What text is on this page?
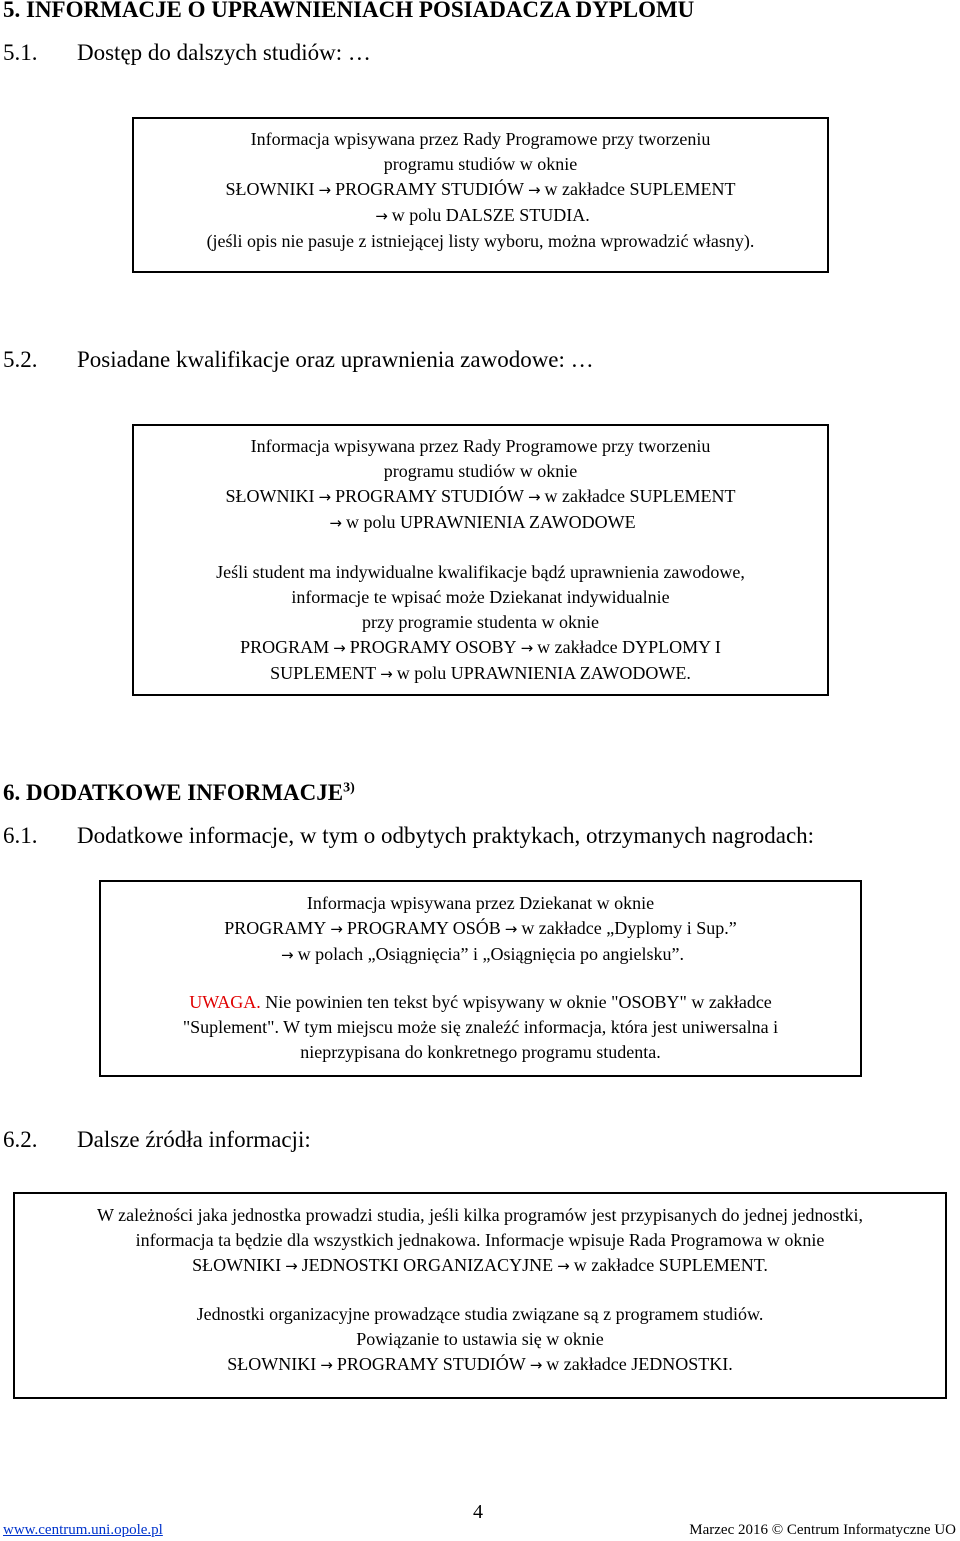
5. INFORMACJE O UPRAWNIENIACH POSIADACZA DYPLOMU
5.1. Dostęp do dalszych studiów: …
Informacja wpisywana przez Rady Programowe przy tworzeniu
programu studiów w oknie
SŁOWNIKI → PROGRAMY STUDIÓW → w zakładce SUPLEMENT
→ w polu DALSZE STUDIA.
(jeśli opis nie pasuje z istniejącej listy wyboru, można wprowadzić własny).
5.2. Posiadane kwalifikacje oraz uprawnienia zawodowe: …
Informacja wpisywana przez Rady Programowe przy tworzeniu
programu studiów w oknie
SŁOWNIKI → PROGRAMY STUDIÓW → w zakładce SUPLEMENT
→ w polu UPRAWNIENIA ZAWODOWE
Jeśli student ma indywidualne kwalifikacje bądź uprawnienia zawodowe,
informacje te wpisać może Dziekanat indywidualnie
przy programie studenta w oknie
PROGRAM → PROGRAMY OSOBY → w zakładce DYPLOMY I
SUPLEMENT → w polu UPRAWNIENIA ZAWODOWE.
6. DODATKOWE INFORMACJE$^{3)}$
6.1. Dodatkowe informacje, w tym o odbytych praktykach, otrzymanych nagrodach:
Informacja wpisywana przez Dziekanat w oknie
PROGRAMY → PROGRAMY OSÓB → w zakładce „Dyplomy i Sup.”
→ w polach „Osiągnięcia” i „Osiągnięcia po angielsku”.
UWAGA. Nie powinien ten tekst być wpisywany w oknie "OSOBY" w zakładce
"Suplement". W tym miejscu może się znaleźć informacja, która jest uniwersalna i
nieprzypisana do konkretnego programu studenta.
6.2. Dalsze źródła informacji:
W zależności jaka jednostka prowadzi studia, jeśli kilka programów jest przypisanych do jednej jednostki,
informacja ta będzie dla wszystkich jednakowa. Informacje wpisuje Rada Programowa w oknie
SŁOWNIKI → JEDNOSTKI ORGANIZACYJNE → w zakładce SUPLEMENT.
Jednostki organizacyjne prowadzące studia związane są z programem studiów.
Powiązanie to ustawia się w oknie
SŁOWNIKI → PROGRAMY STUDIÓW → w zakładce JEDNOSTKI.
4
www.centrum.uni.opole.pl	Marzec 2016 © Centrum Informatyczne UO
